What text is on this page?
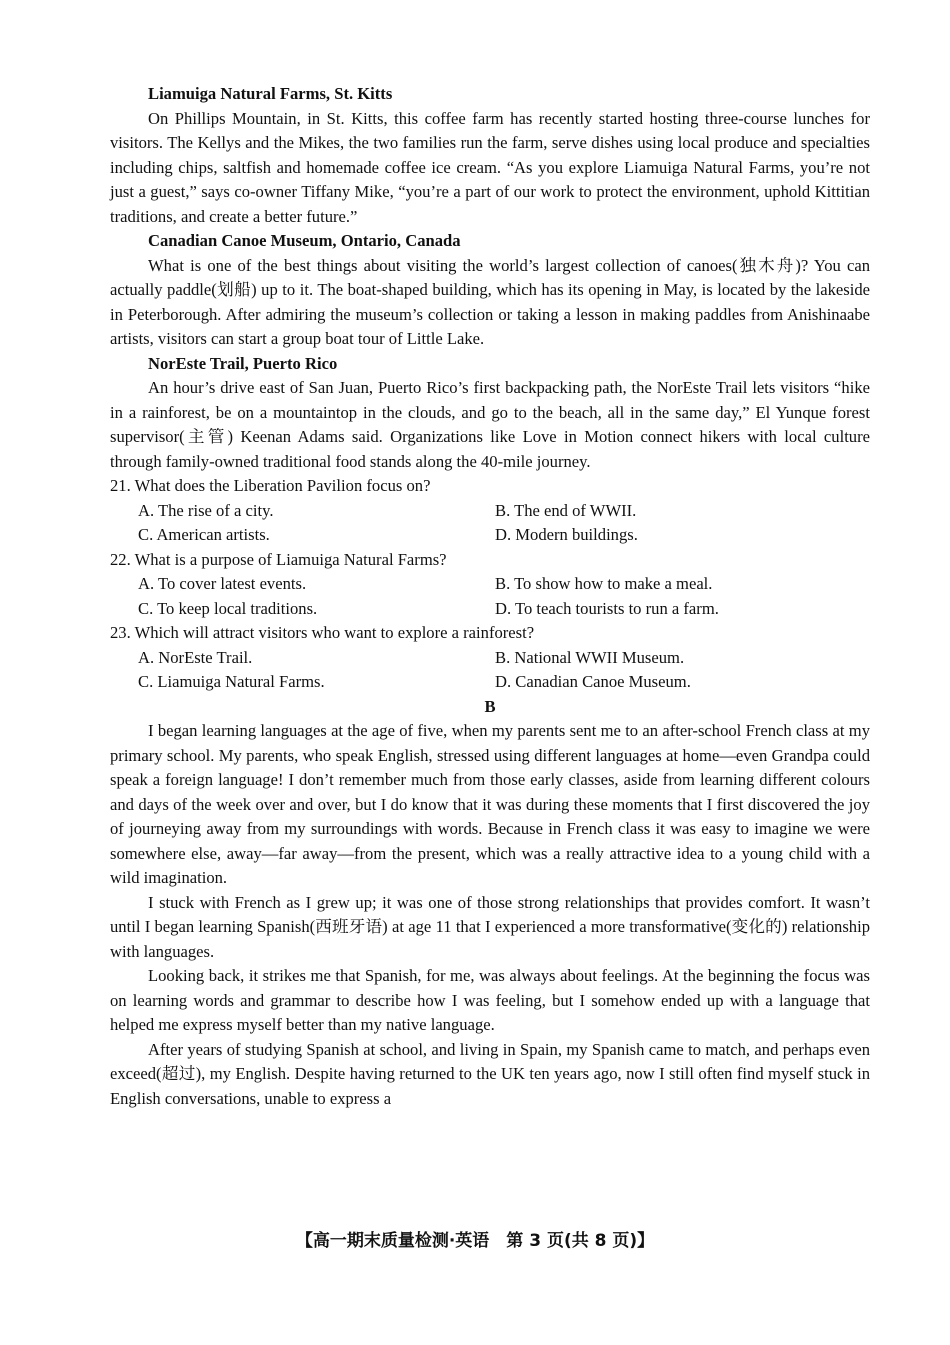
Liamuiga Natural Farms, St. Kitts

On Phillips Mountain, in St. Kitts, this coffee farm has recently started hosting three-course lunches for visitors. The Kellys and the Mikes, the two families run the farm, serve dishes using local produce and specialties including chips, saltfish and homemade coffee ice cream. “As you explore Liamuiga Natural Farms, you’re not just a guest,” says co-owner Tiffany Mike, “you’re a part of our work to protect the environment, uphold Kittitian traditions, and create a better future.”

Canadian Canoe Museum, Ontario, Canada

What is one of the best things about visiting the world’s largest collection of canoes(独木舟)? You can actually paddle(划船) up to it. The boat-shaped building, which has its opening in May, is located by the lakeside in Peterborough. After admiring the museum’s collection or taking a lesson in making paddles from Anishinaabe artists, visitors can start a group boat tour of Little Lake.

NorEste Trail, Puerto Rico

An hour’s drive east of San Juan, Puerto Rico’s first backpacking path, the NorEste Trail lets visitors “hike in a rainforest, be on a mountaintop in the clouds, and go to the beach, all in the same day,” El Yunque forest supervisor(主管) Keenan Adams said. Organizations like Love in Motion connect hikers with local culture through family-owned traditional food stands along the 40-mile journey.

21. What does the Liberation Pavilion focus on?

A. The rise of a city.	B. The end of WWII.
C. American artists.	D. Modern buildings.

22. What is a purpose of Liamuiga Natural Farms?

A. To cover latest events.	B. To show how to make a meal.
C. To keep local traditions.	D. To teach tourists to run a farm.

23. Which will attract visitors who want to explore a rainforest?

A. NorEste Trail.	B. National WWII Museum.
C. Liamuiga Natural Farms.	D. Canadian Canoe Museum.

B

I began learning languages at the age of five, when my parents sent me to an after-school French class at my primary school. My parents, who speak English, stressed using different languages at home—even Grandpa could speak a foreign language! I don’t remember much from those early classes, aside from learning different colours and days of the week over and over, but I do know that it was during these moments that I first discovered the joy of journeying away from my surroundings with words. Because in French class it was easy to imagine we were somewhere else, away—far away—from the present, which was a really attractive idea to a young child with a wild imagination.

I stuck with French as I grew up; it was one of those strong relationships that provides comfort. It wasn’t until I began learning Spanish(西班牙语) at age 11 that I experienced a more transformative(变化的) relationship with languages.

Looking back, it strikes me that Spanish, for me, was always about feelings. At the beginning the focus was on learning words and grammar to describe how I was feeling, but I somehow ended up with a language that helped me express myself better than my native language.

After years of studying Spanish at school, and living in Spain, my Spanish came to match, and perhaps even exceed(超过), my English. Despite having returned to the UK ten years ago, now I still often find myself stuck in English conversations, unable to express a

【高一期末质量检测·英语　第 3 页(共 8 页)】
